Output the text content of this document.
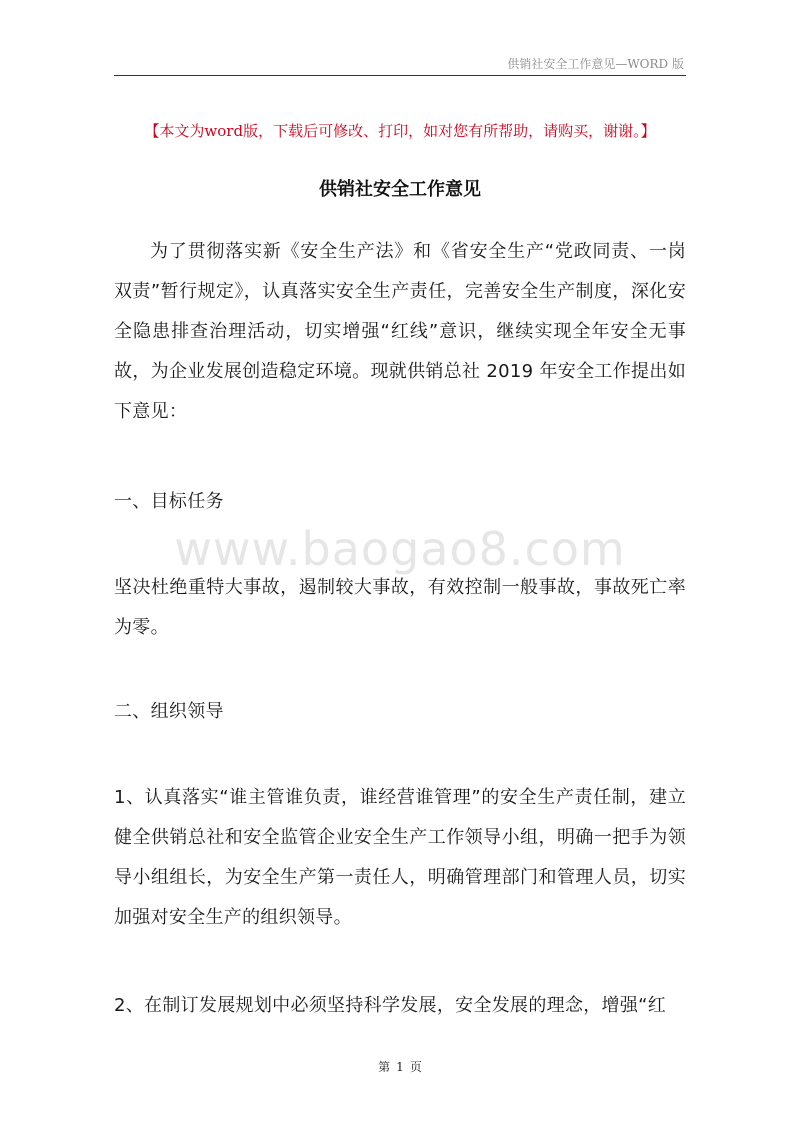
供销社安全工作意见—WORD 版
【本文为word版，下载后可修改、打印，如对您有所帮助，请购买，谢谢。】
供销社安全工作意见
为了贯彻落实新《安全生产法》和《省安全生产“党政同责、一岗双责”暂行规定》，认真落实安全生产责任，完善安全生产制度，深化安全隐患排查治理活动，切实增强“红线”意识，继续实现全年安全无事故，为企业发展创造稳定环境。现就供销总社 2019 年安全工作提出如下意见：
一、目标任务
www.baogao8.com
坚决杜绝重特大事故，遏制较大事故，有效控制一般事故，事故死亡率为零。
二、组织领导
1、认真落实“谁主管谁负责，谁经营谁管理”的安全生产责任制，建立健全供销总社和安全监管企业安全生产工作领导小组，明确一把手为领导小组组长，为安全生产第一责任人，明确管理部门和管理人员，切实加强对安全生产的组织领导。
2、在制订发展规划中必须坚持科学发展，安全发展的理念，增强“红
第 1 页
